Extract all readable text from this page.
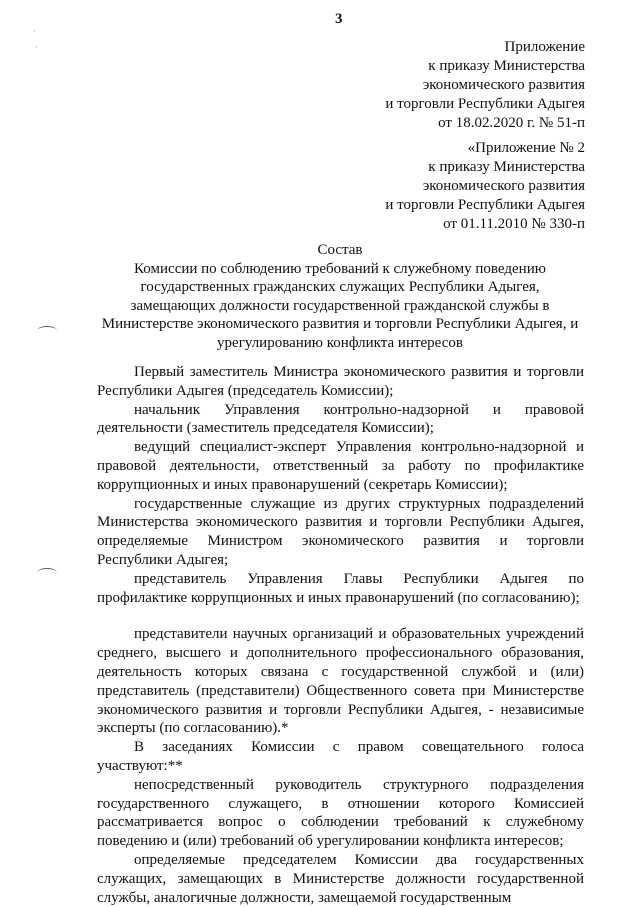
3
·
·	Приложение
к приказу Министерства
экономического развития
и торговли Республики Адыгея
от 18.02.2020 г. № 51-п
«Приложение № 2
к приказу Министерства
экономического развития
и торговли Республики Адыгея
от 01.11.2010 № 330-п
Состав
Комиссии по соблюдению требований к служебному поведению
государственных гражданских служащих Республики Адыгея,
замещающих должности государственной гражданской службы в
Министерстве экономического развития и торговли Республики Адыгея, и
урегулированию конфликта интересов

Первый заместитель Министра экономического развития и торговли Республики Адыгея (председатель Комиссии);

начальник Управления контрольно-надзорной и правовой деятельности (заместитель председателя Комиссии);

ведущий специалист-эксперт Управления контрольно-надзорной и правовой деятельности, ответственный за работу по профилактике коррупционных и иных правонарушений (секретарь Комиссии);

государственные служащие из других структурных подразделений Министерства экономического развития и торговли Республики Адыгея, определяемые Министром экономического развития и торговли Республики Адыгея;

представитель Управления Главы Республики Адыгея по профилактике коррупционных и иных правонарушений (по согласованию);

представители научных организаций и образовательных учреждений среднего, высшего и дополнительного профессионального образования, деятельность которых связана с государственной службой и (или) представитель (представители) Общественного совета при Министерстве экономического развития и торговли Республики Адыгея, - независимые эксперты (по согласованию).*

В заседаниях Комиссии с правом совещательного голоса участвуют:**

непосредственный руководитель структурного подразделения государственного служащего, в отношении которого Комиссией рассматривается вопрос о соблюдении требований к служебному поведению и (или) требований об урегулировании конфликта интересов;

определяемые председателем Комиссии два государственных служащих, замещающих в Министерстве должности государственной службы, аналогичные должности, замещаемой государственным
